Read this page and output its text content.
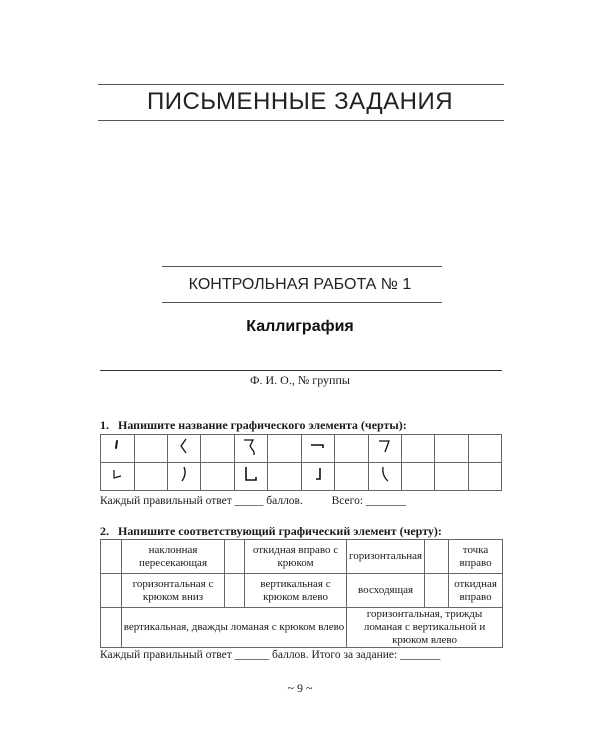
ПИСЬМЕННЫЕ ЗАДАНИЯ
КОНТРОЛЬНАЯ РАБОТА № 1
Каллиграфия
Ф. И. О., № группы
1. Напишите название графического элемента (черты):

Каждый правильный ответ _____ баллов.          Всего: _______
2. Напишите соответствующий графический элемент (черту):
	наклонная пересекающая		откидная вправо с крюком	горизонтальная		точка вправо
	горизонтальная с крюком вниз		вертикальная с крюком влево	восходящая		откидная вправо
	вертикальная, дважды ломаная с крюком влево			горизонтальная, трижды ломаная с вертикальной и крюком влево		
Каждый правильный ответ ______ баллов. Итого за задание: _______
~ 9 ~
